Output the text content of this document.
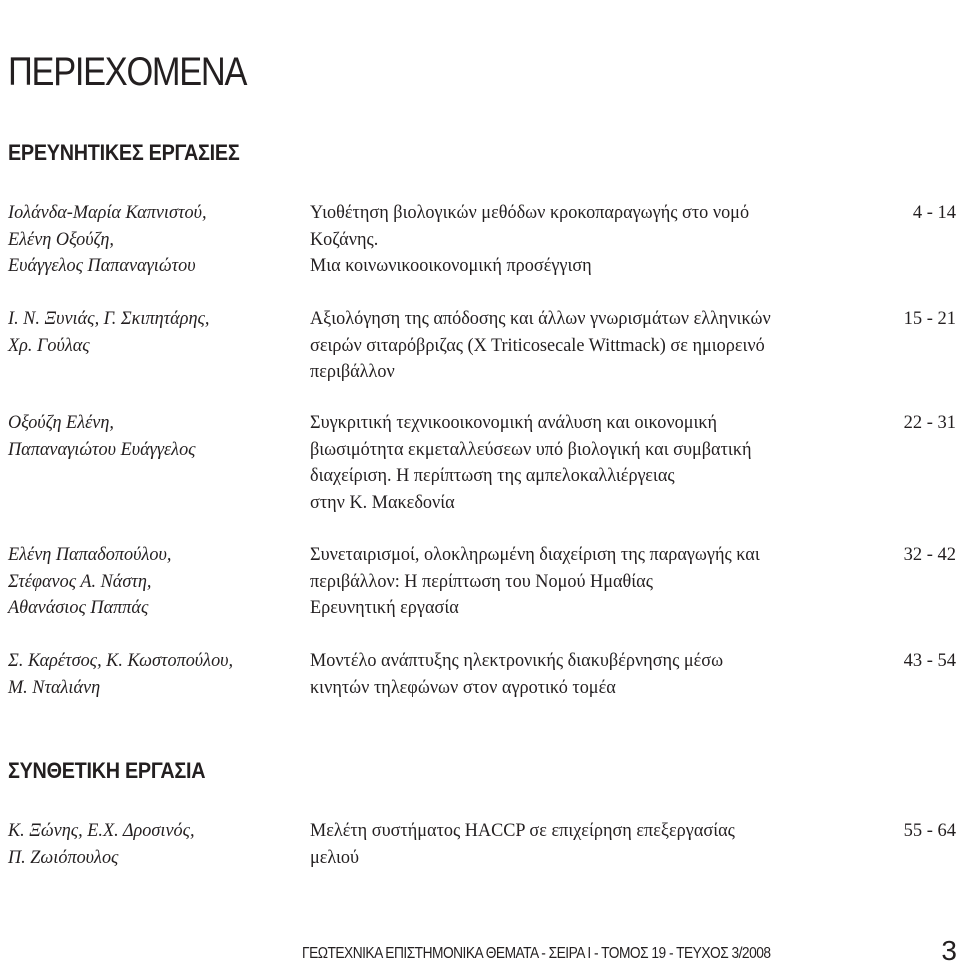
ΠΕΡΙΕΧΟΜΕΝΑ
ΕΡΕΥΝΗΤΙΚΕΣ ΕΡΓΑΣΙΕΣ
Ιολάνδα-Μαρία Καπνιστού,
Ελένη Οξούζη,
Ευάγγελος Παπαναγιώτου
Υιοθέτηση βιολογικών μεθόδων κροκοπαραγωγής στο νομό
Κοζάνης.
Μια κοινωνικοοικονομική προσέγγιση
4 - 14
Ι. Ν. Ξυνιάς, Γ. Σκιπητάρης,
Χρ. Γούλας
Αξιολόγηση της απόδοσης και άλλων γνωρισμάτων ελληνικών
σειρών σιταρόβριζας (X Triticosecale Wittmack) σε ημιορεινό
περιβάλλον
15 - 21
Οξούζη Ελένη,
Παπαναγιώτου Ευάγγελος
Συγκριτική τεχνικοοικονομική ανάλυση και οικονομική
βιωσιμότητα εκμεταλλεύσεων υπό βιολογική και συμβατική
διαχείριση. Η περίπτωση της αμπελοκαλλιέργειας
στην Κ. Μακεδονία
22 - 31
Ελένη Παπαδοπούλου,
Στέφανος Α. Νάστη,
Αθανάσιος Παππάς
Συνεταιρισμοί, ολοκληρωμένη διαχείριση της παραγωγής και
περιβάλλον: Η περίπτωση του Νομού Ημαθίας
Ερευνητική εργασία
32 - 42
Σ. Καρέτσος, Κ. Κωστοπούλου,
Μ. Νταλιάνη
Μοντέλο ανάπτυξης ηλεκτρονικής διακυβέρνησης μέσω
κινητών τηλεφώνων στον αγροτικό τομέα
43 - 54
ΣΥΝΘΕΤΙΚΗ ΕΡΓΑΣΙΑ
Κ. Ξώνης, Ε.Χ. Δροσινός,
Π. Ζωιόπουλος
Μελέτη συστήματος HACCP σε επιχείρηση επεξεργασίας
μελιού
55 - 64
ΓΕΩΤΕΧΝΙΚΑ ΕΠΙΣΤΗΜΟΝΙΚΑ ΘΕΜΑΤΑ - ΣΕΙΡΑ Ι - ΤΟΜΟΣ 19 - ΤΕΥΧΟΣ 3/2008	3
